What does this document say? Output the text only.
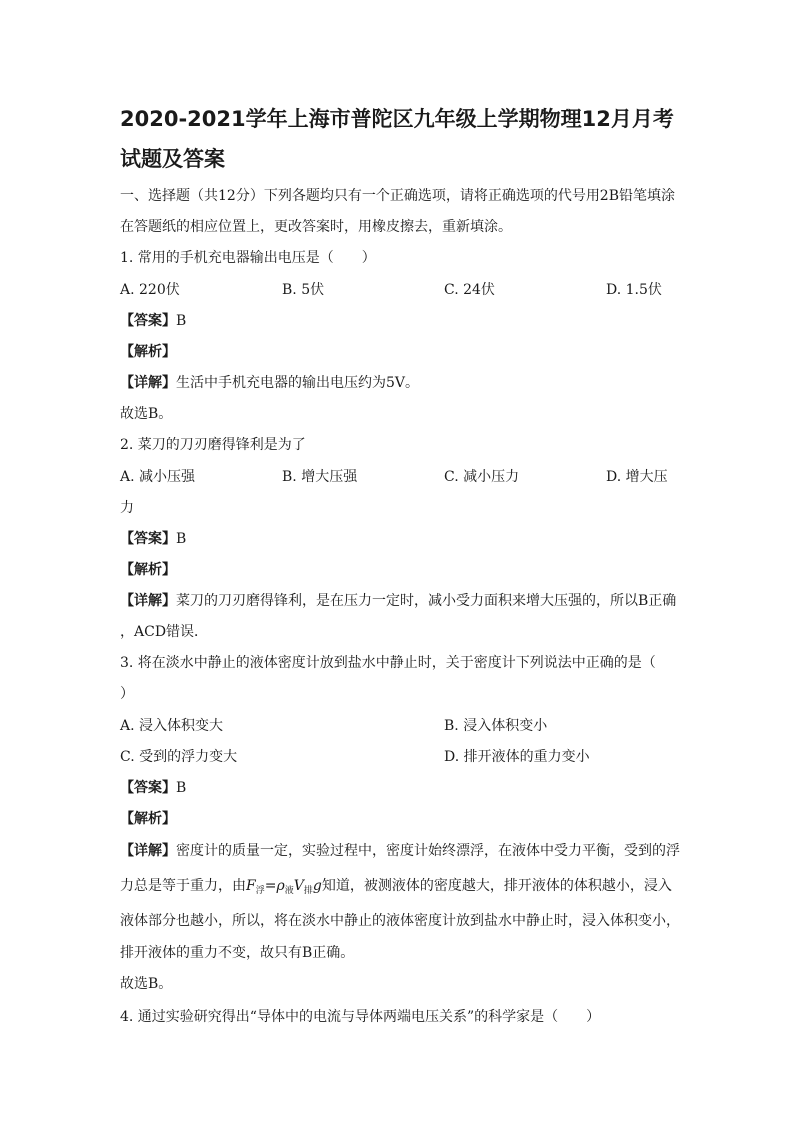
2020-2021学年上海市普陀区九年级上学期物理12月月考
试题及答案
一、选择题（共12分）下列各题均只有一个正确选项，请将正确选项的代号用2B铅笔填涂
在答题纸的相应位置上，更改答案时，用橡皮擦去，重新填涂。
1. 常用的手机充电器输出电压是（　　）
A. 220伏	B. 5伏	C. 24伏	D. 1.5伏
【答案】B
【解析】
【详解】生活中手机充电器的输出电压约为5V。
故选B。
2. 菜刀的刀刃磨得锋利是为了
A. 减小压强	B. 增大压强	C. 减小压力	D. 增大压
力
【答案】B
【解析】
【详解】菜刀的刀刃磨得锋利，是在压力一定时，减小受力面积来增大压强的，所以B正确
，ACD错误．
3. 将在淡水中静止的液体密度计放到盐水中静止时，关于密度计下列说法中正确的是（
）
A. 浸入体积变大	B. 浸入体积变小
C. 受到的浮力变大	D. 排开液体的重力变小
【答案】B
【解析】
【详解】密度计的质量一定，实验过程中，密度计始终漂浮，在液体中受力平衡，受到的浮
力总是等于重力，由$F_浮=\rho_液V_排g$知道，被测液体的密度越大，排开液体的体积越小，浸入
液体部分也越小，所以，将在淡水中静止的液体密度计放到盐水中静止时，浸入体积变小，
排开液体的重力不变，故只有B正确。
故选B。
4. 通过实验研究得出“导体中的电流与导体两端电压关系”的科学家是（　　）
